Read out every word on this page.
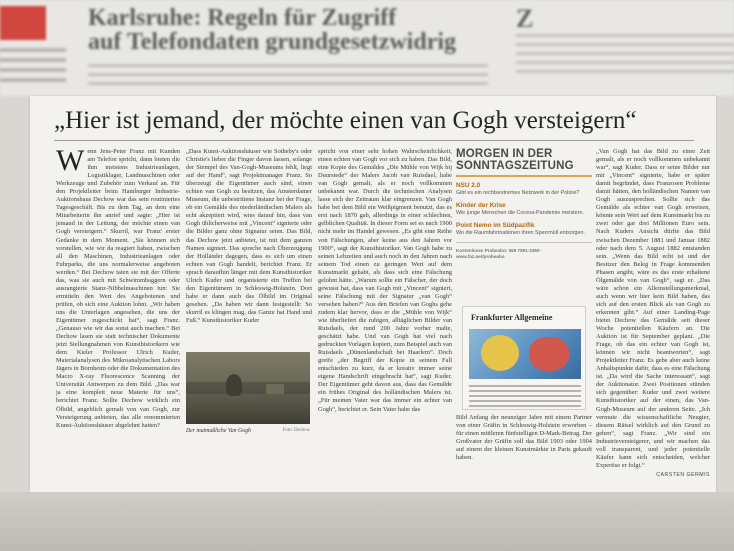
Karlsruhe: Regeln für Zugriff
auf Telefondaten grundgesetzwidrig
Z
„Hier ist jemand, der möchte einen van Gogh versteigern“
W enn Jens-Peter Franz mit Kunden am Telefon spricht, dann bieten die ihm meistens Industrieanlagen, Logistiklager, Landmaschinen oder Werkzeuge und Zubehör zum Verkauf an. Für den Projektleiter beim Hamburger Industrie-Auktionshaus Dechow war das sein routiniertes Tagesgeschäft. Bis zu dem Tag, an dem eine Mitarbeiterin ihn anrief und sagte: „Hier ist jemand in der Leitung, der möchte einen van Gogh versteigern.“ Skurril, war Franz' erster Gedanke in dem Moment. „Sie können sich vorstellen, wie wir da reagiert haben, zwischen all den Maschinen, Industrieanlagen oder Fuhrparks, die uns normalerweise angeboten werden.“ Bei Dechow taten sie mit der Offerte das, was sie auch mit Schwimmbaggern oder ausrangierte Stanz-Nibbelmaschinen tun: Sie ermitteln den Wert des Angebotenen und prüfen, ob sich eine Auktion lohnt. „Wir haben uns die Unterlagen angesehen, die uns der Eigentümer zugeschickt hat“, sagt Franz. „Genauso wie wir das sonst auch machen.“ Bei Dechow lasen sie statt technischer Dokumente jetzt Stellungnahmen von Kunsthistorikern wie dem Kieler Professor Ulrich Kuder, Materialanalysen des Mikroanalytischen Labors Jägers in Bornheim oder die Dokumentation des Macro X-ray Fluorescence Scanning der Universität Antwerpen zu dem Bild. „Das war ja eine komplett neue Materie für uns“, berichtet Franz. Sollte Dechow wirklich ein Ölbild, angeblich gemalt von van Gogh, zur Versteigerung anbieten, das alle renommierten Kunst-Auktionshäuser abgelehnt hatten?
„Dass Kunst-Auktionshäuser wie Sotheby's oder Christie's lieber die Finger davon lassen, solange der Stempel des Van-Gogh-Museums fehlt, liegt auf der Hand“, sagt Projektmanager Franz. So überzeugt die Eigentümer auch sind, einen echten van Gogh zu besitzen, das Amsterdamer Museum, die unbestrittene Instanz bei der Frage, ob ein Gemälde des niederländischen Malers als echt akzeptiert wird, wies darauf hin, dass van Gogh üblicherweise mit „Vincent“ signierte oder die Bilder ganz ohne Signatur seien. Das Bild, das Dechow jetzt anbietet, ist mit dem ganzen Namen signiert. Das spreche nach Überzeugung der Holländer dagegen, dass es sich um einen echten van Gogh handelt, berichtet Franz. Er sprach daraufhin länger mit dem Kunsthistoriker Ulrich Kuder und organisierte ein Treffen bei den Eigentümern in Schleswig-Holstein. Dort habe er dann auch das Ölbild im Original gesehen. „Da haben wir dann festgestellt: So skurril es klingen mag, das Ganze hat Hand und Fuß.“ Kunsthistoriker Kuder
Der mutmaßliche Van Gogh	Foto: Dechow
spricht von einer sehr hohen Wahrscheinlichkeit, einen echten van Gogh vor sich zu haben. Das Bild, eine Kopie des Gemäldes „Die Mühle von Wijk bij Duurstede“ der Malers Jacob van Ruisdael, habe van Gogh gemalt, als er noch vollkommen unbekannt war. Durch die technischen Analysen lasse sich der Zeitraum klar eingrenzen. Van Gogh habe bei dem Bild ein Weißpigment benutzt, das es erst nach 1870 gab, allerdings in einer schlechten, gelblichen Qualität. In dieser Form sei es nach 1900 nicht mehr im Handel gewesen. „Es gibt eine Reihe von Fälschungen, aber keine aus den Jahren vor 1900“, sagt der Kunsthistoriker. Van Gogh habe zu seinen Lebzeiten und auch noch in den Jahren nach seinem Tod einen zu geringen Wert auf dem Kunstmarkt gehabt, als dass sich eine Fälschung gelohnt hätte. „Warum sollte ein Fälscher, der doch gewusst hat, dass van Gogh mit „Vincent“ signiert, seine Fälschung mit der Signatur „van Gogh“ versehen haben?“ Aus den Briefen van Goghs gehe zudem klar hervor, dass er die „Mühle von Wijk“ wie überliefert die ruhigen, alltäglichen Bilder van Ruisdaels, der rund 200 Jahre vorher malte, geschätzt habe. Und van Gogh hat viel nach gedruckten Vorlagen kopiert, zum Beispiel auch van Ruisdaels „Dünenlandschaft bei Haarlem“. Doch greife „der Begriff der Kopie in seinem Fall entschieden zu kurz, da er kreativ immer seine eigene Handschrift eingebracht hat“, sagt Kuder. Der Eigentümer geht davon aus, dass das Gemälde ein frühes Original des holländischen Malers ist. „Für meinen Vater war das immer ein echter van Gogh“, berichtet er. Sein Vater habe das
MORGEN IN DER
SONNTAGSZEITUNG
NSU 2.0
Gibt es ein rechtsextremes Netzwerk in der Polizei?
Kinder der Krise
Wie junge Menschen die Corona-Pandemie meistern.
Point Nemo im Südpazifik
Wo die Raumfahrtnationen ihren Sperrmüll entsorgen.
Kostenloses Probeabo: 069 7591-3359 · www.faz.net/probeabo
Frankfurter Allgemeine
Bild Anfang der neunziger Jahre mit einem Partner von einer Gräfin in Schleswig-Holstein erworben – für einen mittleren fünfstelligen D-Mark-Betrag. Der Großvater der Gräfin soll das Bild 1903 oder 1904 auf einem der kleinen Kunstmärkte in Paris gekauft haben.
„Van Gogh hat das Bild zu einer Zeit gemalt, als er noch vollkommen unbekannt war“, sagt Kuder. Dass er seine Bilder nur mit „Vincent“ signierte, habe er später damit begründet, dass Franzosen Probleme damit hätten, den holländischen Namen van Gogh auszusprechen. Sollte sich das Gemälde als echter van Gogh erweisen, könnte sein Wert auf dem Kunstmarkt bis zu zwei oder gar drei Millionen Euro sein. Nach Kuders Ansicht dürfte das Bild zwischen Dezember 1881 und Januar 1882 oder nach dem 5. August 1882 entstanden sein. „Wenn das Bild echt ist und der Besitzer den Beleg in Frage kommenden Phasen angibt, wäre es das erste erhaltene Ölgemälde von van Gogh“, sagt er. „Das wäre schon ein Alleinstellungsmerkmal, auch wenn wir hier kein Bild haben, das sich auf den ersten Blick als van Gogh zu erkennen gibt.“ Auf einer Landing-Page bietet Dechow das Gemälde seit dieser Woche potentiellen Käufern an. Die Auktion ist für September geplant. „Die Frage, ob das ein echter van Gogh ist, können wir nicht beantworten“, sagt Projektleiter Franz. Es gebe aber auch keine Anhaltspunkte dafür, dass es eine Fälschung ist. „Da wird die Sache interessant“, sagt der Auktionator. Zwei Positionen stünden sich gegenüber: Kuder und zwei weitere Kunsthistoriker auf der einen, das Van-Gogh-Museum auf der anderen Seite. „Ich vermute die wissenschaftliche Neugier, diesem Rätsel wirklich auf den Grund zu gehen“, sagt Franz. „Wir sind ein Industrieversteigerer, und wir machen das voll transparent, und jeder potentielle Käufer kann sich entscheiden, welcher Expertise er folgt.“
CARSTEN GERMIS
